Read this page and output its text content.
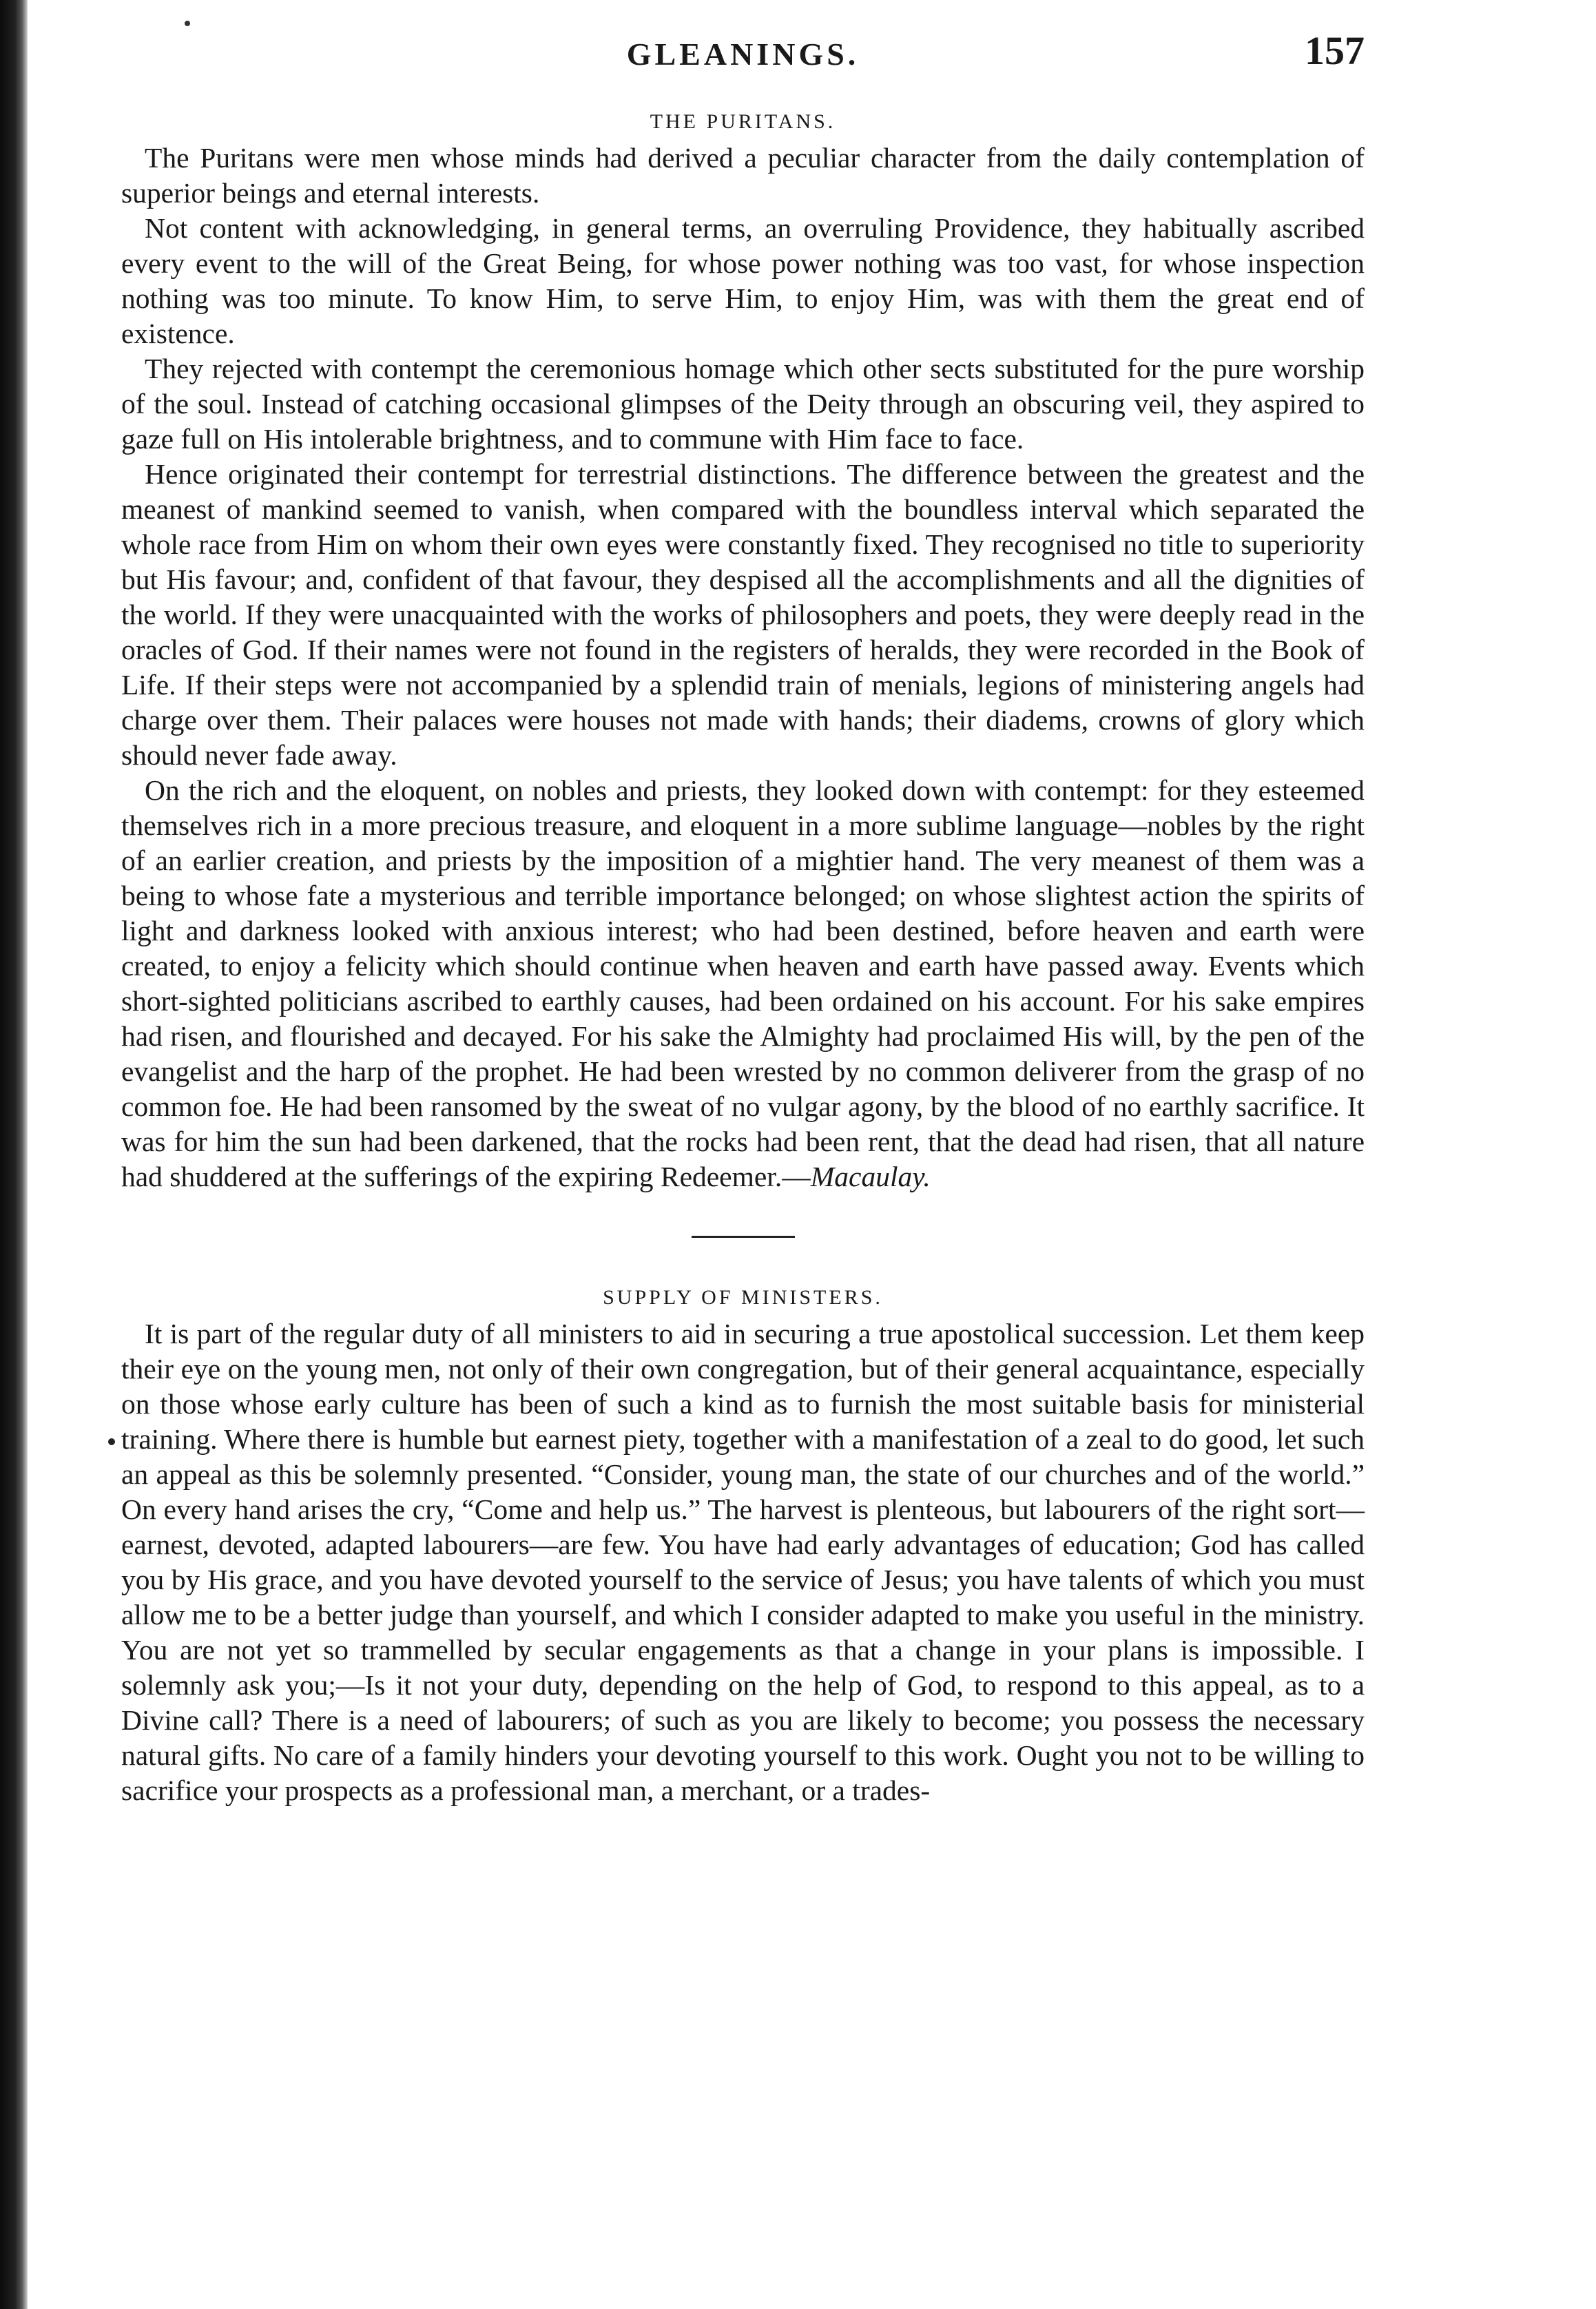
GLEANINGS.	157
THE PURITANS.

The Puritans were men whose minds had derived a peculiar character from the daily contemplation of superior beings and eternal interests.

Not content with acknowledging, in general terms, an overruling Providence, they habitually ascribed every event to the will of the Great Being, for whose power nothing was too vast, for whose inspection nothing was too minute. To know Him, to serve Him, to enjoy Him, was with them the great end of existence.

They rejected with contempt the ceremonious homage which other sects substituted for the pure worship of the soul. Instead of catching occasional glimpses of the Deity through an obscuring veil, they aspired to gaze full on His intolerable brightness, and to commune with Him face to face.

Hence originated their contempt for terrestrial distinctions. The difference between the greatest and the meanest of mankind seemed to vanish, when compared with the boundless interval which separated the whole race from Him on whom their own eyes were constantly fixed. They recognised no title to superiority but His favour; and, confident of that favour, they despised all the accomplishments and all the dignities of the world. If they were unacquainted with the works of philosophers and poets, they were deeply read in the oracles of God. If their names were not found in the registers of heralds, they were recorded in the Book of Life. If their steps were not accompanied by a splendid train of menials, legions of ministering angels had charge over them. Their palaces were houses not made with hands; their diadems, crowns of glory which should never fade away.

On the rich and the eloquent, on nobles and priests, they looked down with contempt: for they esteemed themselves rich in a more precious treasure, and eloquent in a more sublime language—nobles by the right of an earlier creation, and priests by the imposition of a mightier hand. The very meanest of them was a being to whose fate a mysterious and terrible importance belonged; on whose slightest action the spirits of light and darkness looked with anxious interest; who had been destined, before heaven and earth were created, to enjoy a felicity which should continue when heaven and earth have passed away. Events which short-sighted politicians ascribed to earthly causes, had been ordained on his account. For his sake empires had risen, and flourished and decayed. For his sake the Almighty had proclaimed His will, by the pen of the evangelist and the harp of the prophet. He had been wrested by no common deliverer from the grasp of no common foe. He had been ransomed by the sweat of no vulgar agony, by the blood of no earthly sacrifice. It was for him the sun had been darkened, that the rocks had been rent, that the dead had risen, that all nature had shuddered at the sufferings of the expiring Redeemer.—Macaulay.

SUPPLY OF MINISTERS.

It is part of the regular duty of all ministers to aid in securing a true apostolical succession. Let them keep their eye on the young men, not only of their own congregation, but of their general acquaintance, especially on those whose early culture has been of such a kind as to furnish the most suitable basis for ministerial training. Where there is humble but earnest piety, together with a manifestation of a zeal to do good, let such an appeal as this be solemnly presented. “Consider, young man, the state of our churches and of the world.” On every hand arises the cry, “Come and help us.” The harvest is plenteous, but labourers of the right sort—earnest, devoted, adapted labourers—are few. You have had early advantages of education; God has called you by His grace, and you have devoted yourself to the service of Jesus; you have talents of which you must allow me to be a better judge than yourself, and which I consider adapted to make you useful in the ministry. You are not yet so trammelled by secular engagements as that a change in your plans is impossible. I solemnly ask you;—Is it not your duty, depending on the help of God, to respond to this appeal, as to a Divine call? There is a need of labourers; of such as you are likely to become; you possess the necessary natural gifts. No care of a family hinders your devoting yourself to this work. Ought you not to be willing to sacrifice your prospects as a professional man, a merchant, or a trades-
